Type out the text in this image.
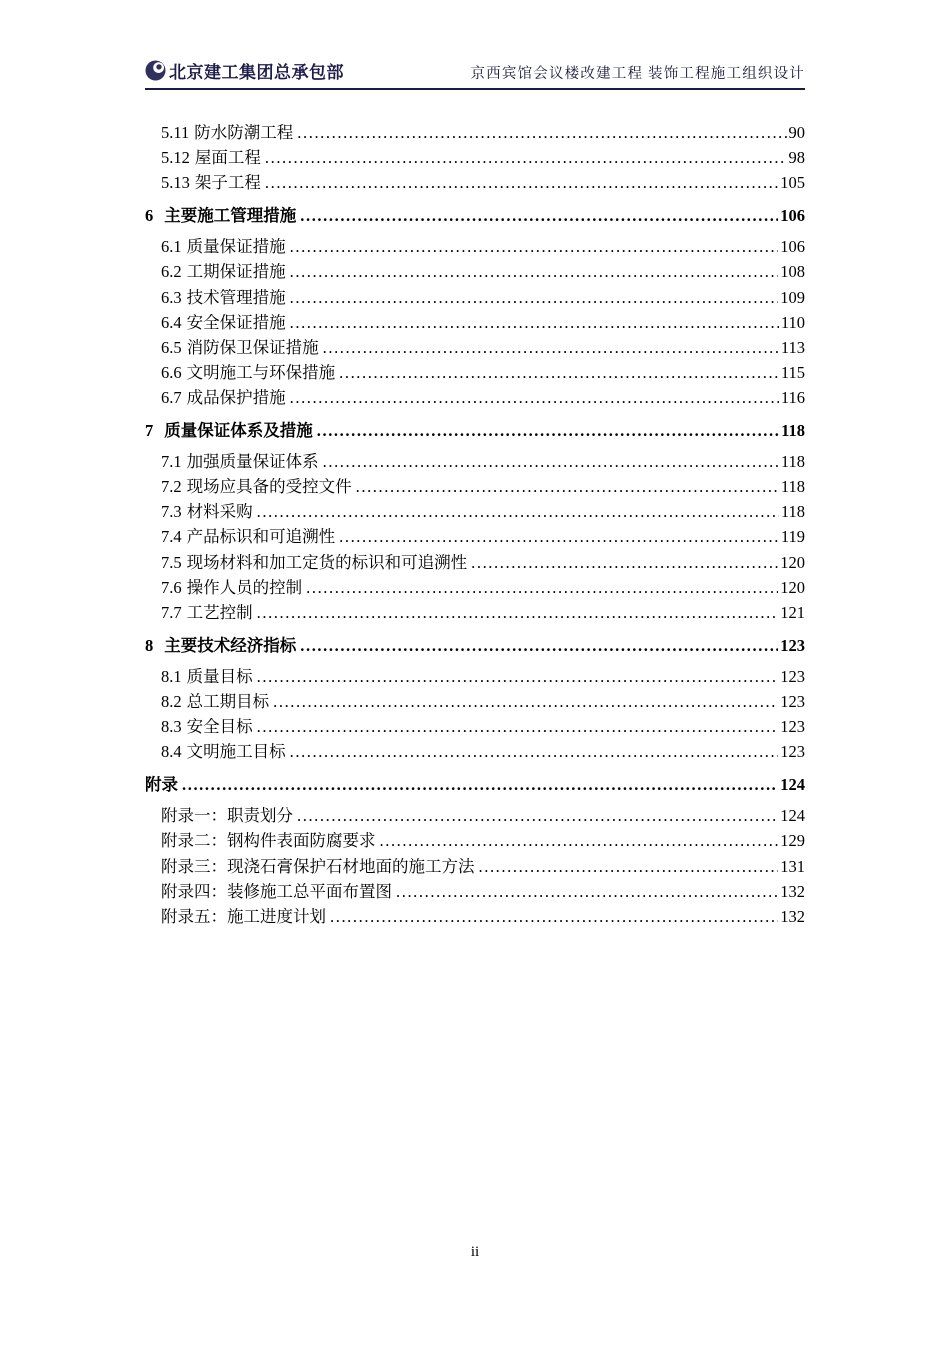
北京建工集团总承包部	京西宾馆会议楼改建工程 装饰工程施工组织设计
5.11 防水防潮工程 .....	90
5.12 屋面工程 .....	98
5.13 架子工程 .....	105
6 主要施工管理措施 .....	106
6.1 质量保证措施 .....	106
6.2 工期保证措施 .....	108
6.3 技术管理措施 .....	109
6.4 安全保证措施 .....	110
6.5 消防保卫保证措施 .....	113
6.6 文明施工与环保措施 .....	115
6.7 成品保护措施 .....	116
7 质量保证体系及措施 .....	118
7.1 加强质量保证体系 .....	118
7.2 现场应具备的受控文件 .....	118
7.3 材料采购 .....	118
7.4 产品标识和可追溯性 .....	119
7.5 现场材料和加工定货的标识和可追溯性 .....	120
7.6 操作人员的控制 .....	120
7.7 工艺控制 .....	121
8 主要技术经济指标 .....	123
8.1 质量目标 .....	123
8.2 总工期目标 .....	123
8.3 安全目标 .....	123
8.4 文明施工目标 .....	123
附录 .....	124
附录一：职责划分 .....	124
附录二：钢构件表面防腐要求 .....	129
附录三：现浇石膏保护石材地面的施工方法 .....	131
附录四：装修施工总平面布置图 .....	132
附录五：施工进度计划 .....	132
ii
